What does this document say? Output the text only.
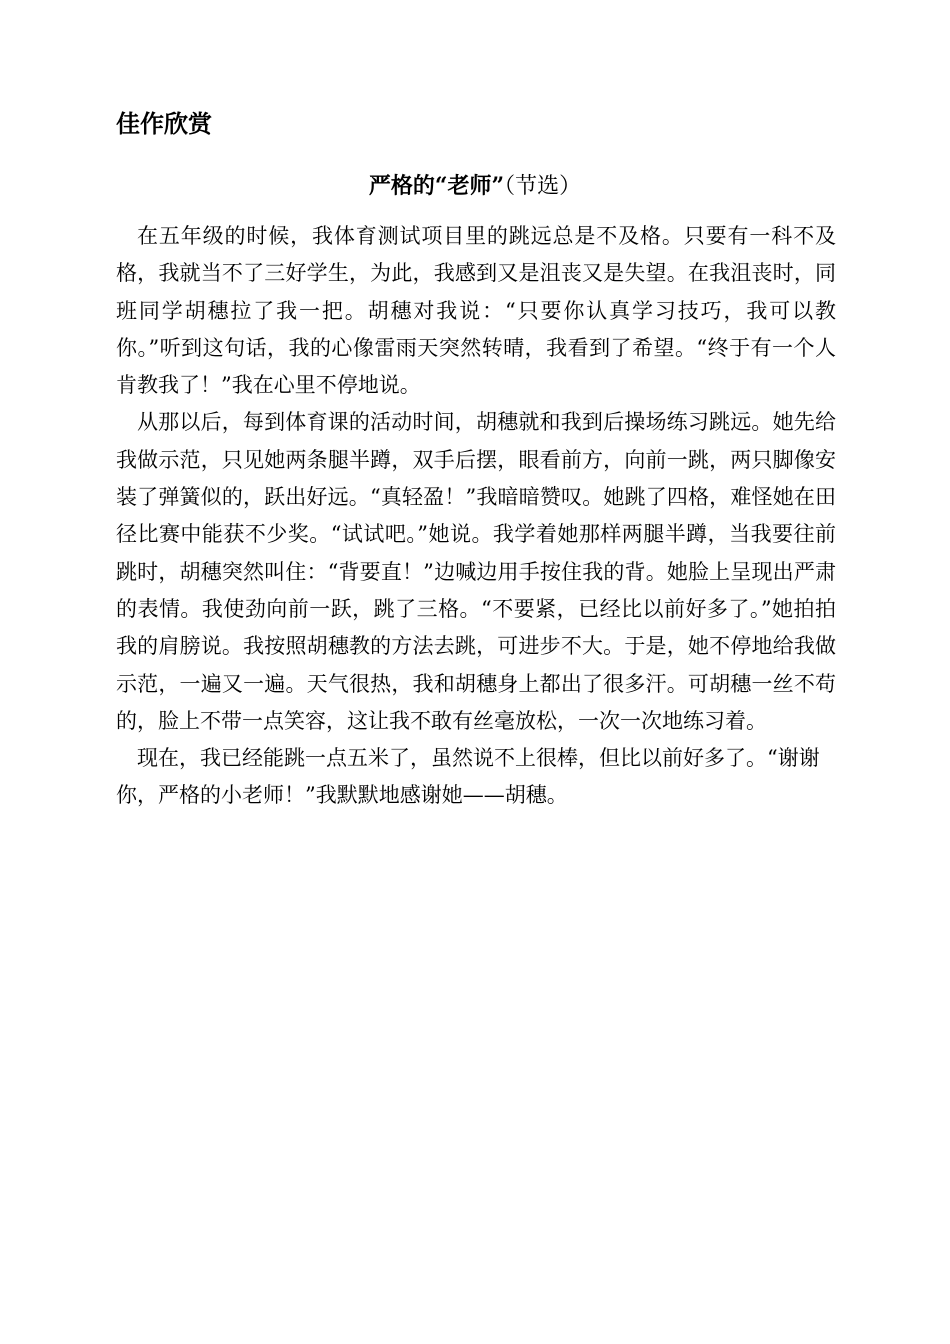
佳作欣赏
严格的“老师”（节选）

在五年级的时候，我体育测试项目里的跳远总是不及格。只要有一科不及格，我就当不了三好学生，为此，我感到又是沮丧又是失望。在我沮丧时，同班同学胡穗拉了我一把。胡穗对我说：“只要你认真学习技巧，我可以教你。”听到这句话，我的心像雷雨天突然转晴，我看到了希望。“终于有一个人肯教我了！”我在心里不停地说。

从那以后，每到体育课的活动时间，胡穗就和我到后操场练习跳远。她先给我做示范，只见她两条腿半蹲，双手后摆，眼看前方，向前一跳，两只脚像安装了弹簧似的，跃出好远。“真轻盈！”我暗暗赞叹。她跳了四格，难怪她在田径比赛中能获不少奖。“试试吧。”她说。我学着她那样两腿半蹲，当我要往前跳时，胡穗突然叫住：“背要直！”边喊边用手按住我的背。她脸上呈现出严肃的表情。我使劲向前一跃，跳了三格。“不要紧，已经比以前好多了。”她拍拍我的肩膀说。我按照胡穗教的方法去跳，可进步不大。于是，她不停地给我做示范，一遍又一遍。天气很热，我和胡穗身上都出了很多汗。可胡穗一丝不苟的，脸上不带一点笑容，这让我不敢有丝毫放松，一次一次地练习着。

现在，我已经能跳一点五米了，虽然说不上很棒，但比以前好多了。“谢谢你，严格的小老师！”我默默地感谢她——胡穗。
